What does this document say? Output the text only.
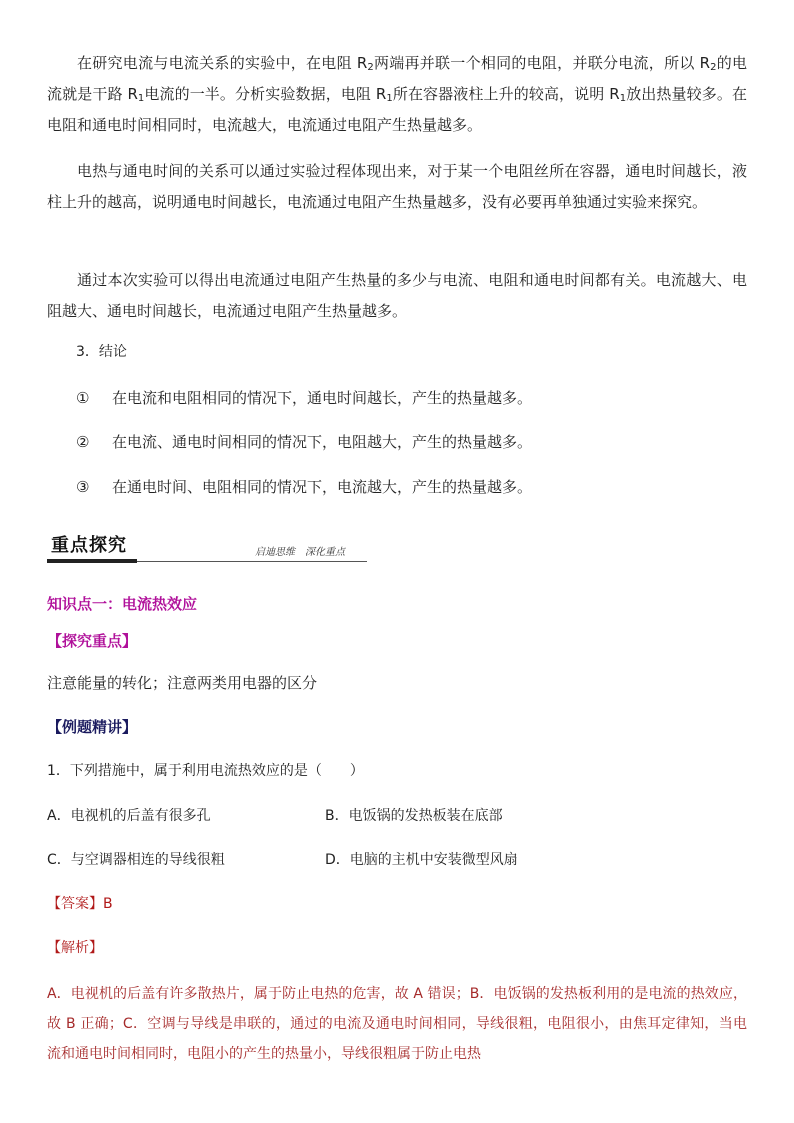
在研究电流与电流关系的实验中，在电阻 $R_2$两端再并联一个相同的电阻，并联分电流，所以 $R_2$的电流就是干路 $R_1$电流的一半。分析实验数据，电阻 $R_1$所在容器液柱上升的较高，说明 $R_1$放出热量较多。在电阻和通电时间相同时，电流越大，电流通过电阻产生热量越多。

电热与通电时间的关系可以通过实验过程体现出来，对于某一个电阻丝所在容器，通电时间越长，液柱上升的越高，说明通电时间越长，电流通过电阻产生热量越多，没有必要再单独通过实验来探究。

通过本次实验可以得出电流通过电阻产生热量的多少与电流、电阻和通电时间都有关。电流越大、电阻越大、通电时间越长，电流通过电阻产生热量越多。

3．结论
① 在电流和电阻相同的情况下，通电时间越长，产生的热量越多。
② 在电流、通电时间相同的情况下，电阻越大，产生的热量越多。
③ 在通电时间、电阻相同的情况下，电流越大，产生的热量越多。
重点探究	启迪思维　深化重点
知识点一：电流热效应
【探究重点】
注意能量的转化；注意两类用电器的区分
【例题精讲】
1．下列措施中，属于利用电流热效应的是（　　）
A．电视机的后盖有很多孔	B．电饭锅的发热板装在底部
C．与空调器相连的导线很粗	D．电脑的主机中安装微型风扇
【答案】B
【解析】

A．电视机的后盖有许多散热片，属于防止电热的危害，故 A 错误；B．电饭锅的发热板利用的是电流的热效应，故 B 正确；C．空调与导线是串联的，通过的电流及通电时间相同，导线很粗，电阻很小，由焦耳定律知，当电流和通电时间相同时，电阻小的产生的热量小，导线很粗属于防止电热
